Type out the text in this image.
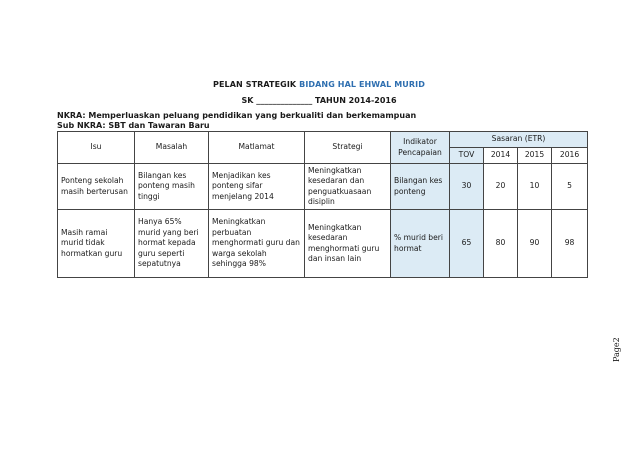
PELAN STRATEGIK BIDANG HAL EHWAL MURID
SK ______________ TAHUN 2014-2016
NKRA: Memperluaskan peluang pendidikan yang berkualiti dan berkemampuan
Sub NKRA: SBT dan Tawaran Baru
Isu	Masalah	Matlamat	Strategi	Indikator Pencapaian	Sasaran (ETR)			
					TOV	2014	2015	2016
Ponteng sekolah masih berterusan	Bilangan kes ponteng masih tinggi	Menjadikan kes ponteng sifar menjelang 2014	Meningkatkan kesedaran dan penguatkuasaan disiplin	Bilangan kes ponteng	30	20	10	5
Masih ramai murid tidak hormatkan guru	Hanya 65% murid yang beri hormat kepada guru seperti sepatutnya	Meningkatkan perbuatan menghormati guru dan warga sekolah sehingga 98%	Meningkatkan kesedaran menghormati guru dan insan lain	% murid beri hormat	65	80	90	98
Page2
